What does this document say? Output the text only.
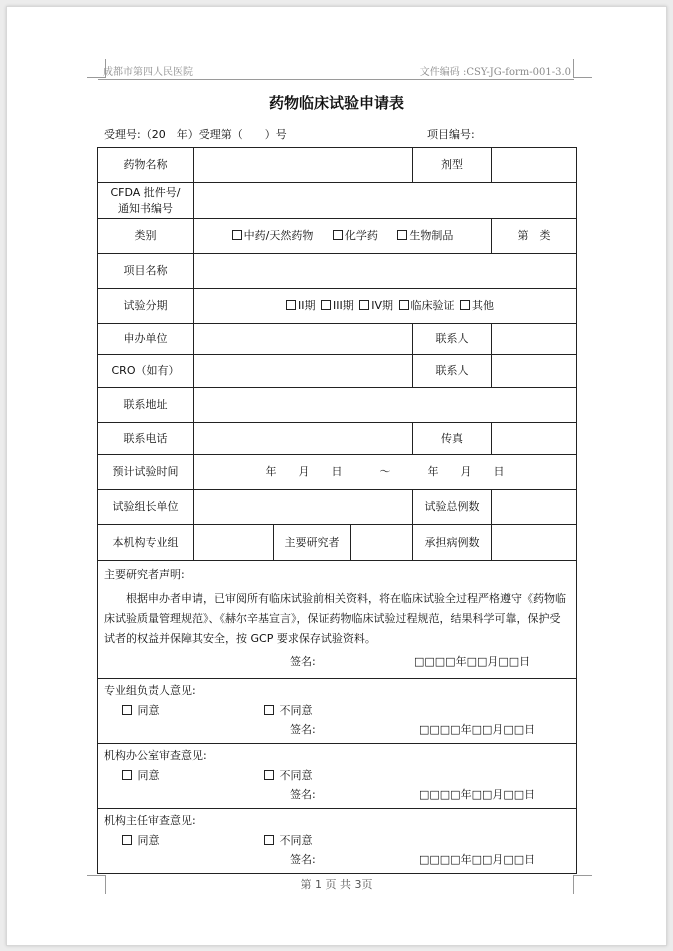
成都市第四人民医院	文件编码 :CSY-JG-form-001-3.0
药物临床试验申请表
受理号:（20　年）受理第（　　）号	项目编号:
药物名称				剂型	

CFDA 批件号/
通知书编号					

类别	中药/天然药物 化学药 生物制品				第　类
项目名称					
试验分期	II期 III期 IV期 临床验证 其他				
申办单位				联系人	
CRO（如有）				联系人	
联系地址					
联系电话				传真	
预计试验时间	年　　月　　日 ～ 年　　月　　日				
试验组长单位				试验总例数	
本机构专业组		主要研究者		承担病例数	

主要研究者声明:
根据申办者申请，已审阅所有临床试验前相关资料，将在临床试验全过程严格遵守《药物临床试验质量管理规范》、《赫尔辛基宣言》，保证药物临床试验过程规范，结果科学可靠，保护受试者的权益并保障其安全，按 GCP 要求保存试验资料。
签名: □□□□年□□月□□日					

专业组负责人意见:
同意 不同意
签名: □□□□年□□月□□日					

机构办公室审查意见:
同意 不同意
签名: □□□□年□□月□□日					

机构主任审查意见:
同意 不同意
签名: □□□□年□□月□□日					
第 1 页 共 3页
